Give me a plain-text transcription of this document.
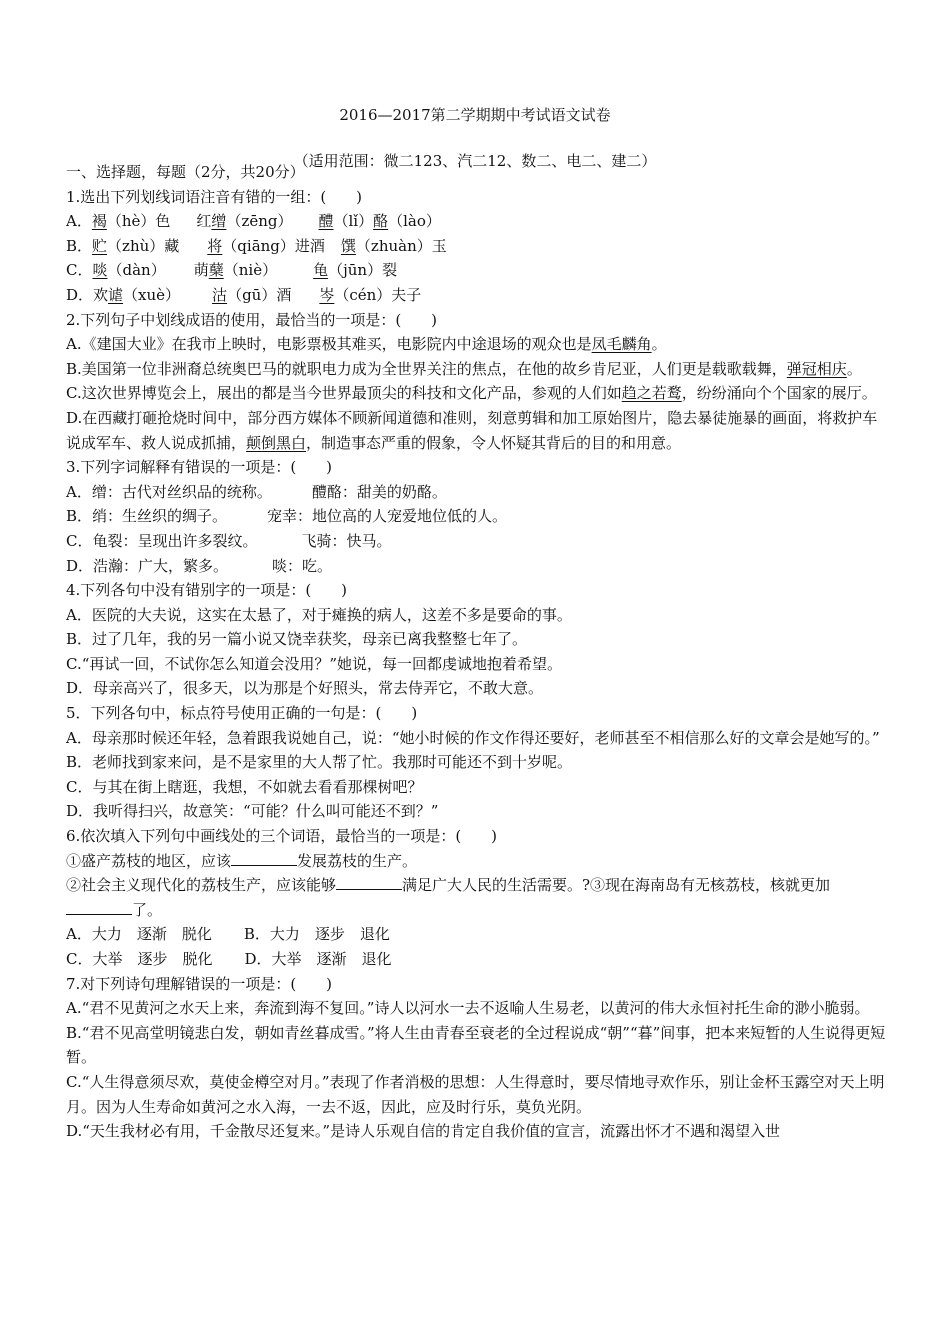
2016—2017第二学期期中考试语文试卷
（适用范围：微二123、汽二12、数二、电二、建二）
一、选择题，每题（2分，共20分）
1.选出下列划线词语注音有错的一组：(　　)
A．褐（hè）色 红缯（zēng） 醴（lǐ）酪（lào）
B．贮（zhù）藏 将（qiāng）进酒 馔（zhuàn）玉
C．啖（dàn） 萌蘖（niè） 龟（jūn）裂
D．欢谑（xuè） 沽（gū）酒 岑（cén）夫子
2.下列句子中划线成语的使用，最恰当的一项是：(　　)
A.《建国大业》在我市上映时，电影票极其难买，电影院内中途退场的观众也是凤毛麟角。
B.美国第一位非洲裔总统奥巴马的就职电力成为全世界关注的焦点，在他的故乡肯尼亚，人们更是载歌载舞，弹冠相庆。
C.这次世界博览会上，展出的都是当今世界最顶尖的科技和文化产品，参观的人们如趋之若鹜，纷纷涌向个个国家的展厅。
D.在西藏打砸抢烧时间中，部分西方媒体不顾新闻道德和准则，刻意剪辑和加工原始图片，隐去暴徒施暴的画面，将救护车说成军车、救人说成抓捕，颠倒黑白，制造事态严重的假象，令人怀疑其背后的目的和用意。
3.下列字词解释有错误的一项是：(　　)
A．缯：古代对丝织品的统称。	醴酪：甜美的奶酪。
B．绡：生丝织的绸子。	宠幸：地位高的人宠爱地位低的人。
C．龟裂：呈现出许多裂纹。	飞骑：快马。
D．浩瀚：广大，繁多。	啖：吃。
4.下列各句中没有错别字的一项是：(　　)
A．医院的大夫说，这实在太悬了，对于瘫换的病人，这差不多是要命的事。
B．过了几年，我的另一篇小说又饶幸获奖，母亲已离我整整七年了。
C.“再试一回，不试你怎么知道会没用？”她说，每一回都虔诚地抱着希望。
D．母亲高兴了，很多天，以为那是个好照头，常去侍弄它，不敢大意。
5．下列各句中，标点符号使用正确的一句是：(　　)
A．母亲那时候还年轻，急着跟我说她自己，说：“她小时候的作文作得还要好，老师甚至不相信那么好的文章会是她写的。”
B．老师找到家来问，是不是家里的大人帮了忙。我那时可能还不到十岁呢。
C．与其在街上瞎逛，我想，不如就去看看那棵树吧？
D．我听得扫兴，故意笑：“可能？什么叫可能还不到？”
6.依次填入下列句中画线处的三个词语，最恰当的一项是：(　　)
①盛产荔枝的地区，应该	发展荔枝的生产。
②社会主义现代化的荔枝生产，应该能够	满足广大人民的生活需要。?③现在海南岛有无核荔枝，核就更加了。
A．大力　逐渐　脱化 B．大力　逐步　退化
C．大举　逐步　脱化 D．大举　逐渐　退化
7.对下列诗句理解错误的一项是：(　　)
A.“君不见黄河之水天上来，奔流到海不复回。”诗人以河水一去不返喻人生易老，以黄河的伟大永恒衬托生命的渺小脆弱。
B.“君不见高堂明镜悲白发，朝如青丝暮成雪。”将人生由青春至衰老的全过程说成“朝”“暮”间事，把本来短暂的人生说得更短暂。
C.“人生得意须尽欢，莫使金樽空对月。”表现了作者消极的思想：人生得意时，要尽情地寻欢作乐，别让金杯玉露空对天上明月。因为人生寿命如黄河之水入海，一去不返，因此，应及时行乐，莫负光阴。
D.“天生我材必有用，千金散尽还复来。”是诗人乐观自信的肯定自我价值的宣言，流露出怀才不遇和渴望入世
